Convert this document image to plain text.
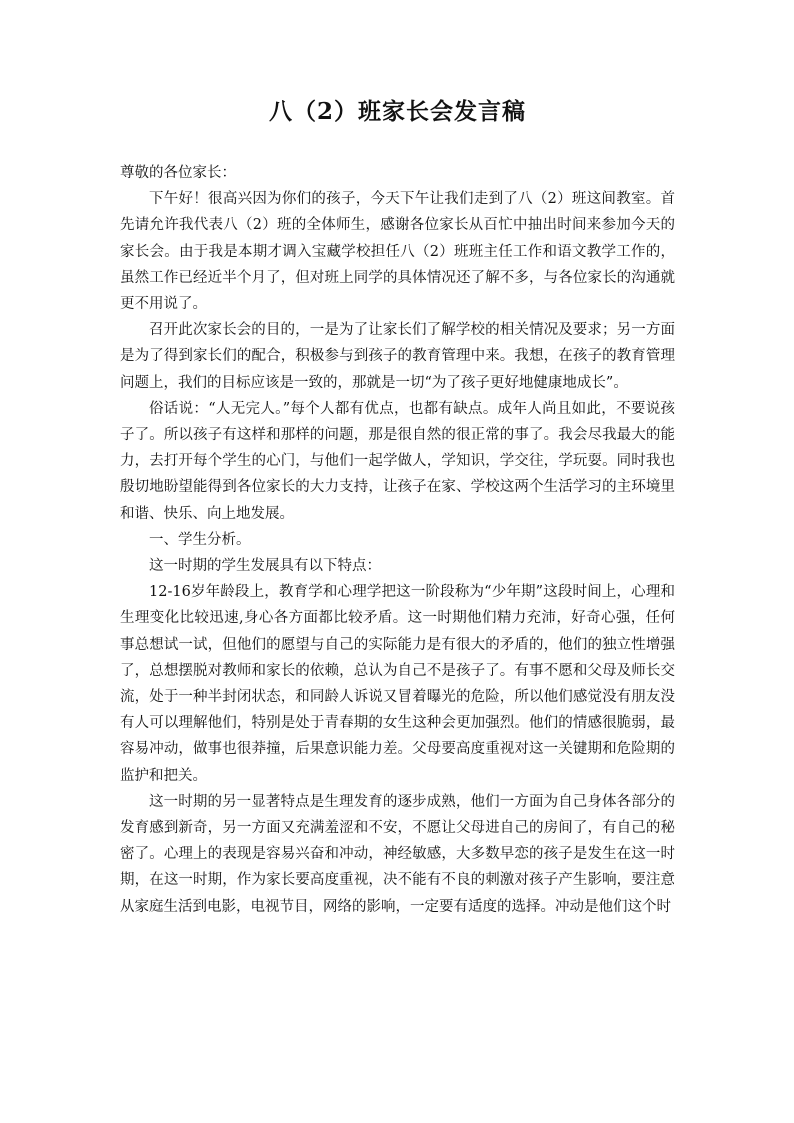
八（2）班家长会发言稿

尊敬的各位家长：

下午好！很高兴因为你们的孩子，今天下午让我们走到了八（2）班这间教室。首先请允许我代表八（2）班的全体师生，感谢各位家长从百忙中抽出时间来参加今天的家长会。由于我是本期才调入宝藏学校担任八（2）班班主任工作和语文教学工作的，虽然工作已经近半个月了，但对班上同学的具体情况还了解不多，与各位家长的沟通就更不用说了。

召开此次家长会的目的，一是为了让家长们了解学校的相关情况及要求；另一方面是为了得到家长们的配合，积极参与到孩子的教育管理中来。我想，在孩子的教育管理问题上，我们的目标应该是一致的，那就是一切“为了孩子更好地健康地成长”。

俗话说：“人无完人。”每个人都有优点，也都有缺点。成年人尚且如此，不要说孩子了。所以孩子有这样和那样的问题，那是很自然的很正常的事了。我会尽我最大的能力，去打开每个学生的心门，与他们一起学做人，学知识，学交往，学玩耍。同时我也殷切地盼望能得到各位家长的大力支持，让孩子在家、学校这两个生活学习的主环境里和谐、快乐、向上地发展。

一、学生分析。

这一时期的学生发展具有以下特点：

12-16岁年龄段上，教育学和心理学把这一阶段称为“少年期”这段时间上，心理和生理变化比较迅速,身心各方面都比较矛盾。这一时期他们精力充沛，好奇心强，任何事总想试一试，但他们的愿望与自己的实际能力是有很大的矛盾的，他们的独立性增强了，总想摆脱对教师和家长的依赖，总认为自己不是孩子了。有事不愿和父母及师长交流，处于一种半封闭状态，和同龄人诉说又冒着曝光的危险，所以他们感觉没有朋友没有人可以理解他们，特别是处于青春期的女生这种会更加强烈。他们的情感很脆弱，最容易冲动，做事也很莽撞，后果意识能力差。父母要高度重视对这一关键期和危险期的监护和把关。

这一时期的另一显著特点是生理发育的逐步成熟，他们一方面为自己身体各部分的发育感到新奇，另一方面又充满羞涩和不安，不愿让父母进自己的房间了，有自己的秘密了。心理上的表现是容易兴奋和冲动，神经敏感，大多数早恋的孩子是发生在这一时期，在这一时期，作为家长要高度重视，决不能有不良的刺激对孩子产生影响，要注意从家庭生活到电影，电视节目，网络的影响，一定要有适度的选择。冲动是他们这个时
